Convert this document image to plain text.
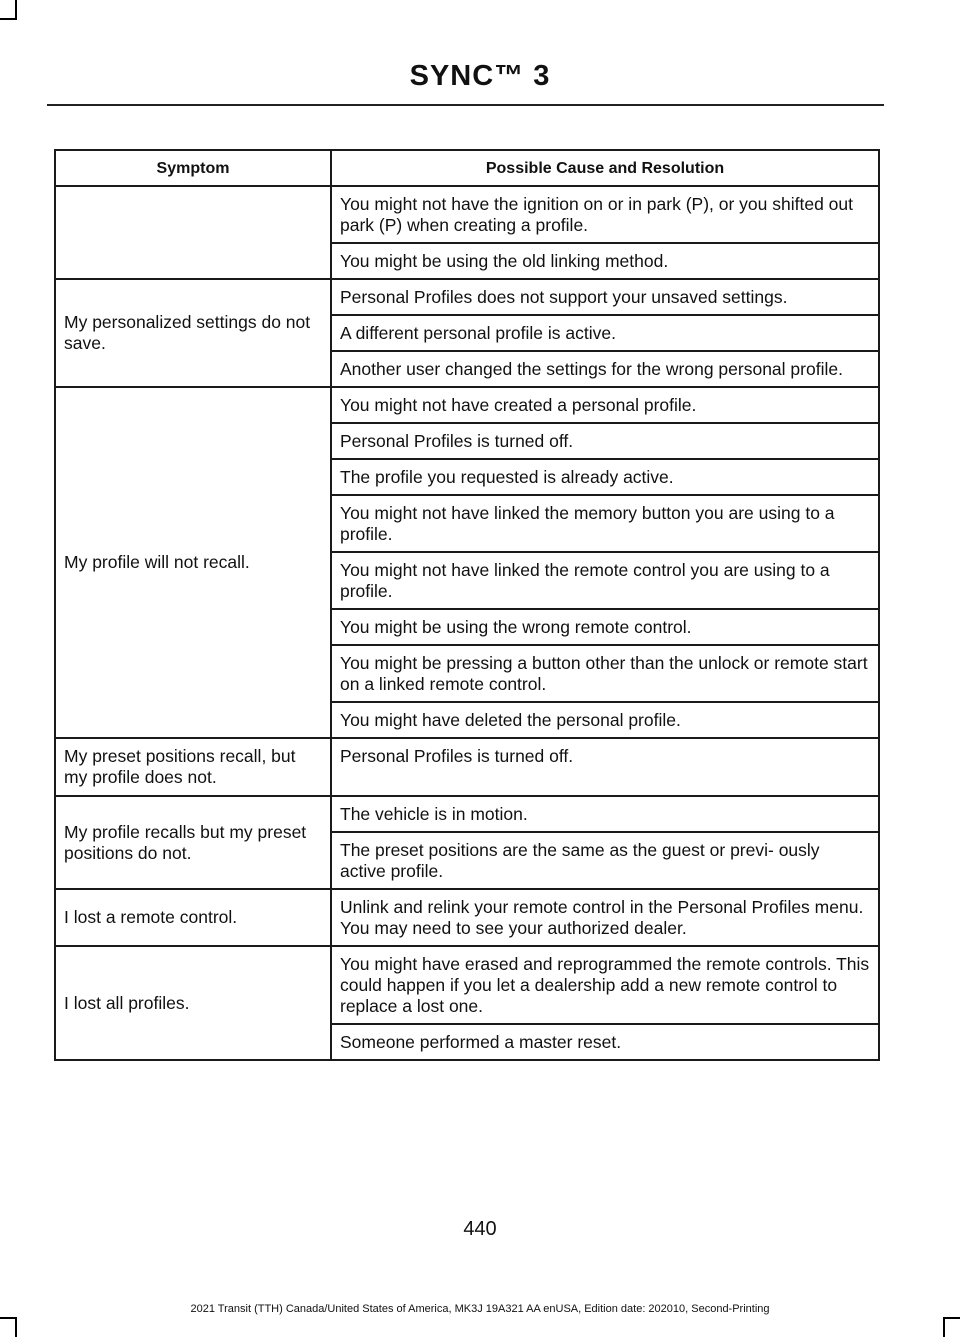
SYNC™ 3
Symptom	Possible Cause and Resolution
	You might not have the ignition on or in park (P), or you shifted out park (P) when creating a profile.
	You might be using the old linking method.
My personalized settings do not save.	Personal Profiles does not support your unsaved settings.
	A different personal profile is active.
	Another user changed the settings for the wrong personal profile.
My profile will not recall.	You might not have created a personal profile.
	Personal Profiles is turned off.
	The profile you requested is already active.
	You might not have linked the memory button you are using to a profile.
	You might not have linked the remote control you are using to a profile.
	You might be using the wrong remote control.
	You might be pressing a button other than the unlock or remote start on a linked remote control.
	You might have deleted the personal profile.
My preset positions recall, but my profile does not.	Personal Profiles is turned off.
My profile recalls but my preset positions do not.	The vehicle is in motion.
	The preset positions are the same as the guest or previ- ously active profile.
I lost a remote control.	Unlink and relink your remote control in the Personal Profiles menu. You may need to see your authorized dealer.
I lost all profiles.	You might have erased and reprogrammed the remote controls. This could happen if you let a dealership add a new remote control to replace a lost one.
	Someone performed a master reset.
440
2021 Transit (TTH) Canada/United States of America, MK3J 19A321 AA enUSA, Edition date: 202010, Second-Printing
